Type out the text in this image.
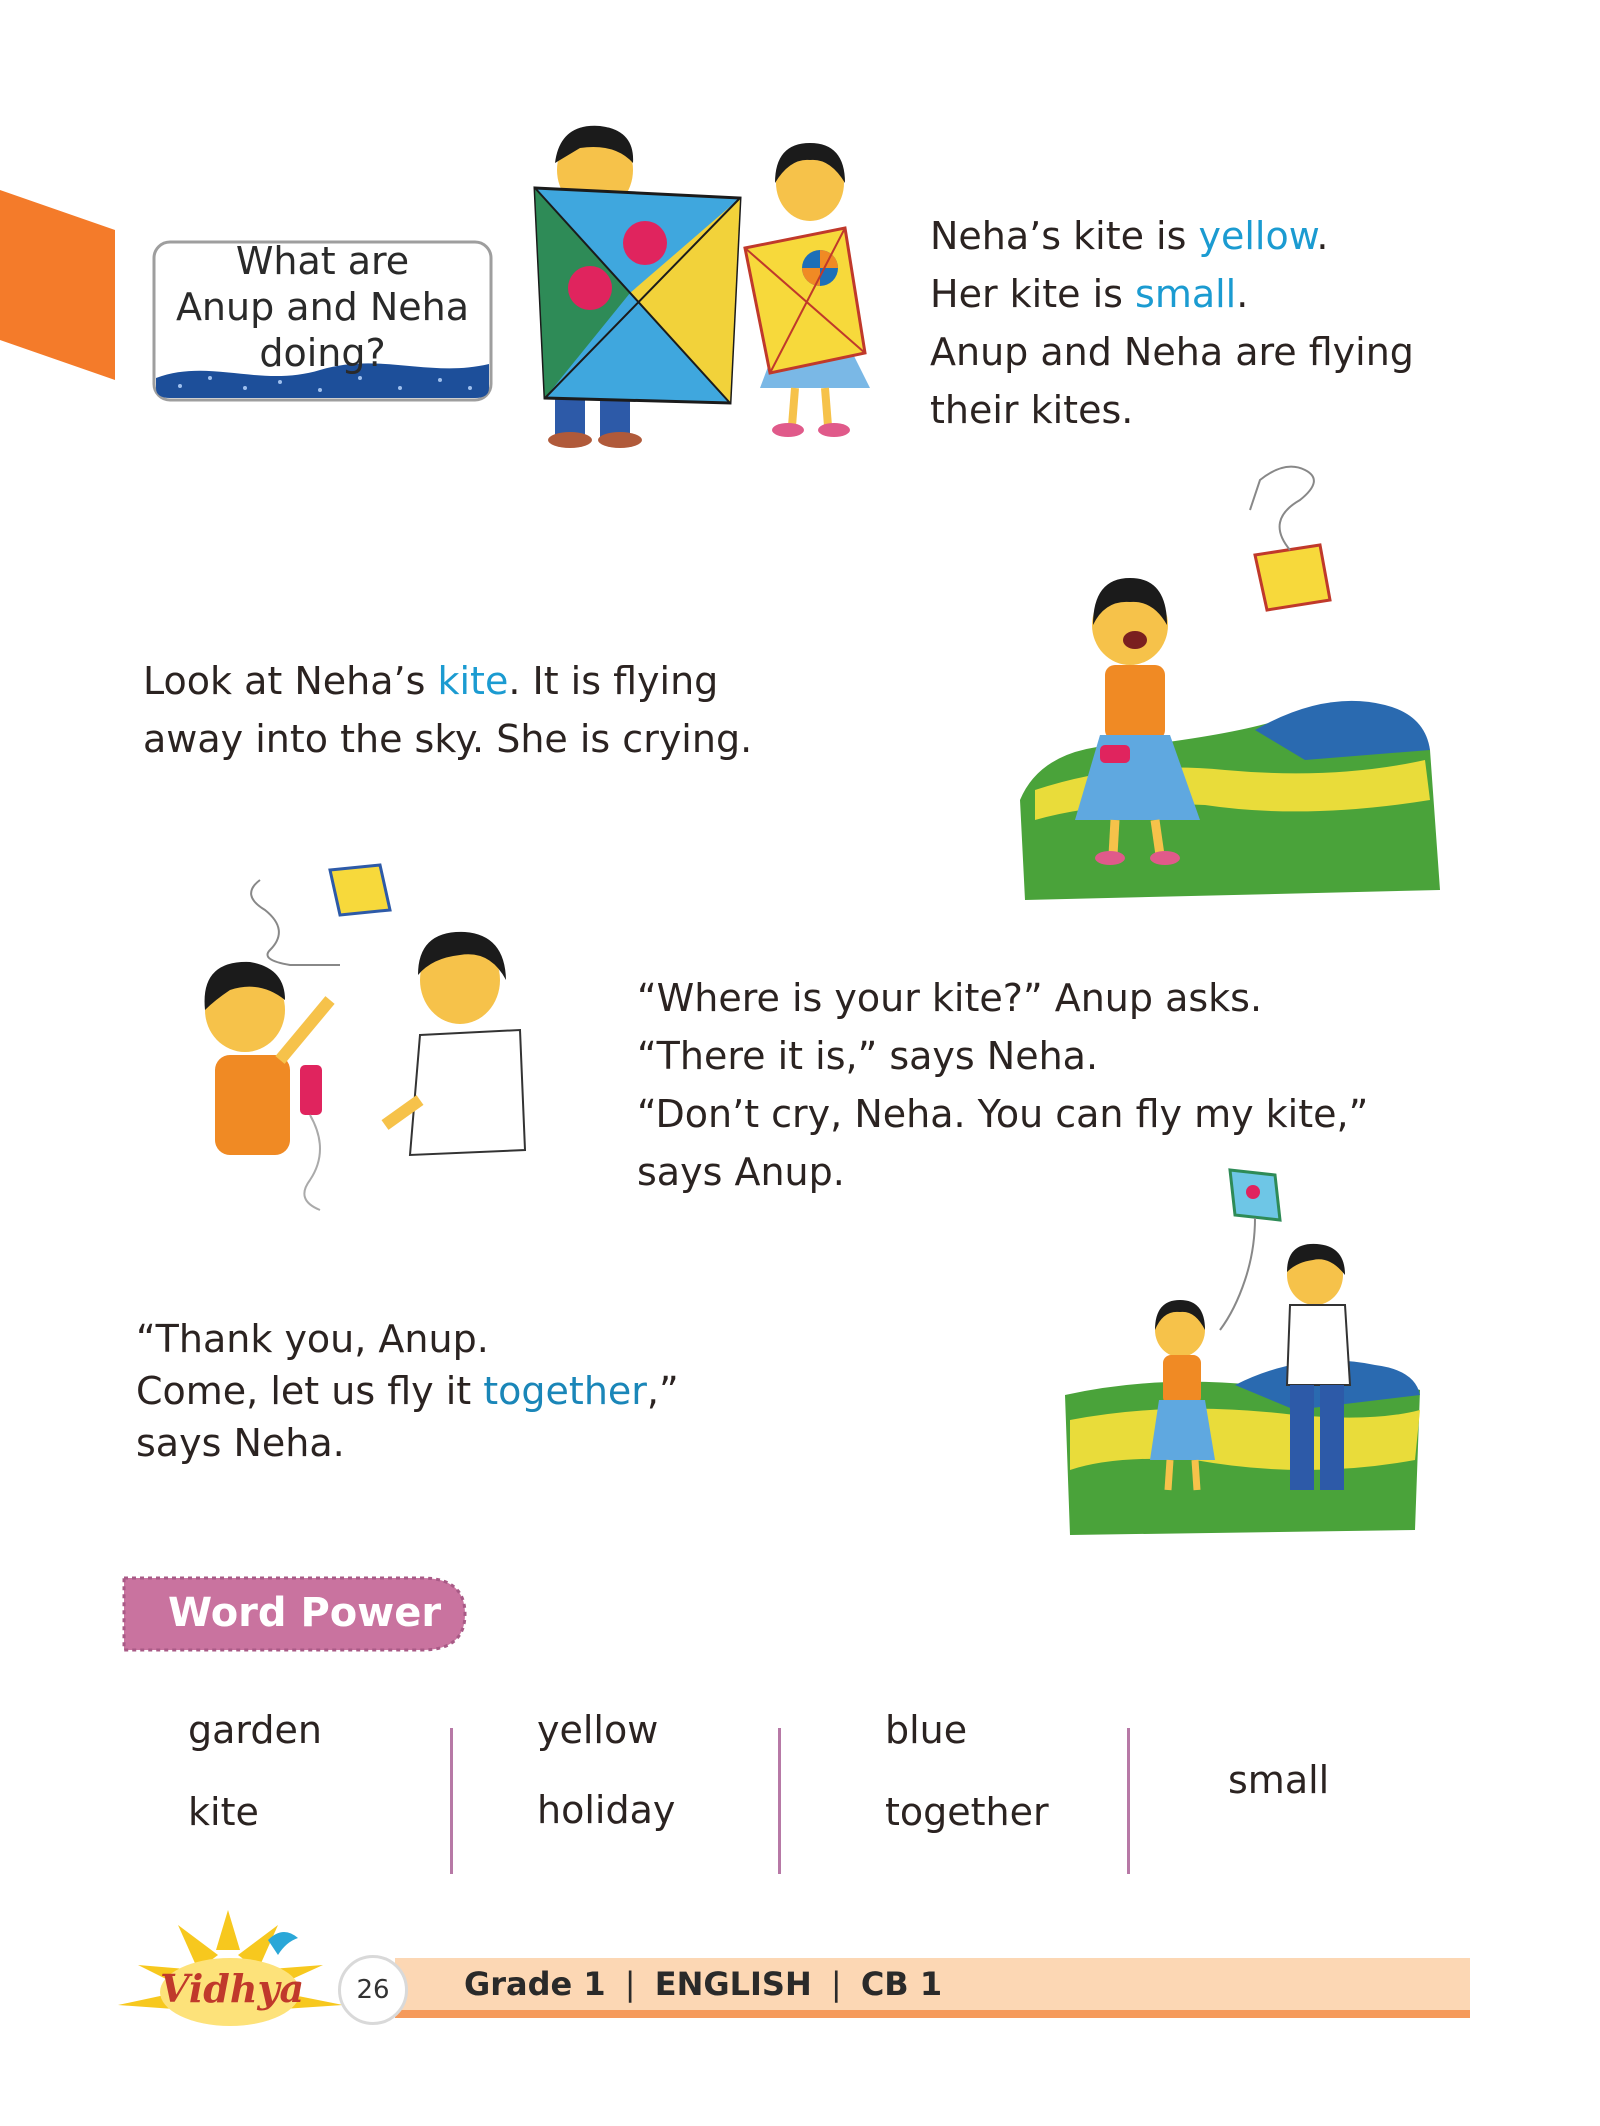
What are
Anup and Neha
doing?
Neha’s kite is yellow.
Her kite is small.
Anup and Neha are flying
their kites.
Look at Neha’s kite. It is flying
away into the sky. She is crying.
“Where is your kite?” Anup asks.
“There it is,” says Neha.
“Don’t cry, Neha. You can fly my kite,”
says Anup.
“Thank you, Anup.
Come, let us fly it together,”
says Neha.
Word Power
garden
kite
yellow
holiday
blue
together
small
Grade 1 | ENGLISH | CB 1
Vidhya	26
